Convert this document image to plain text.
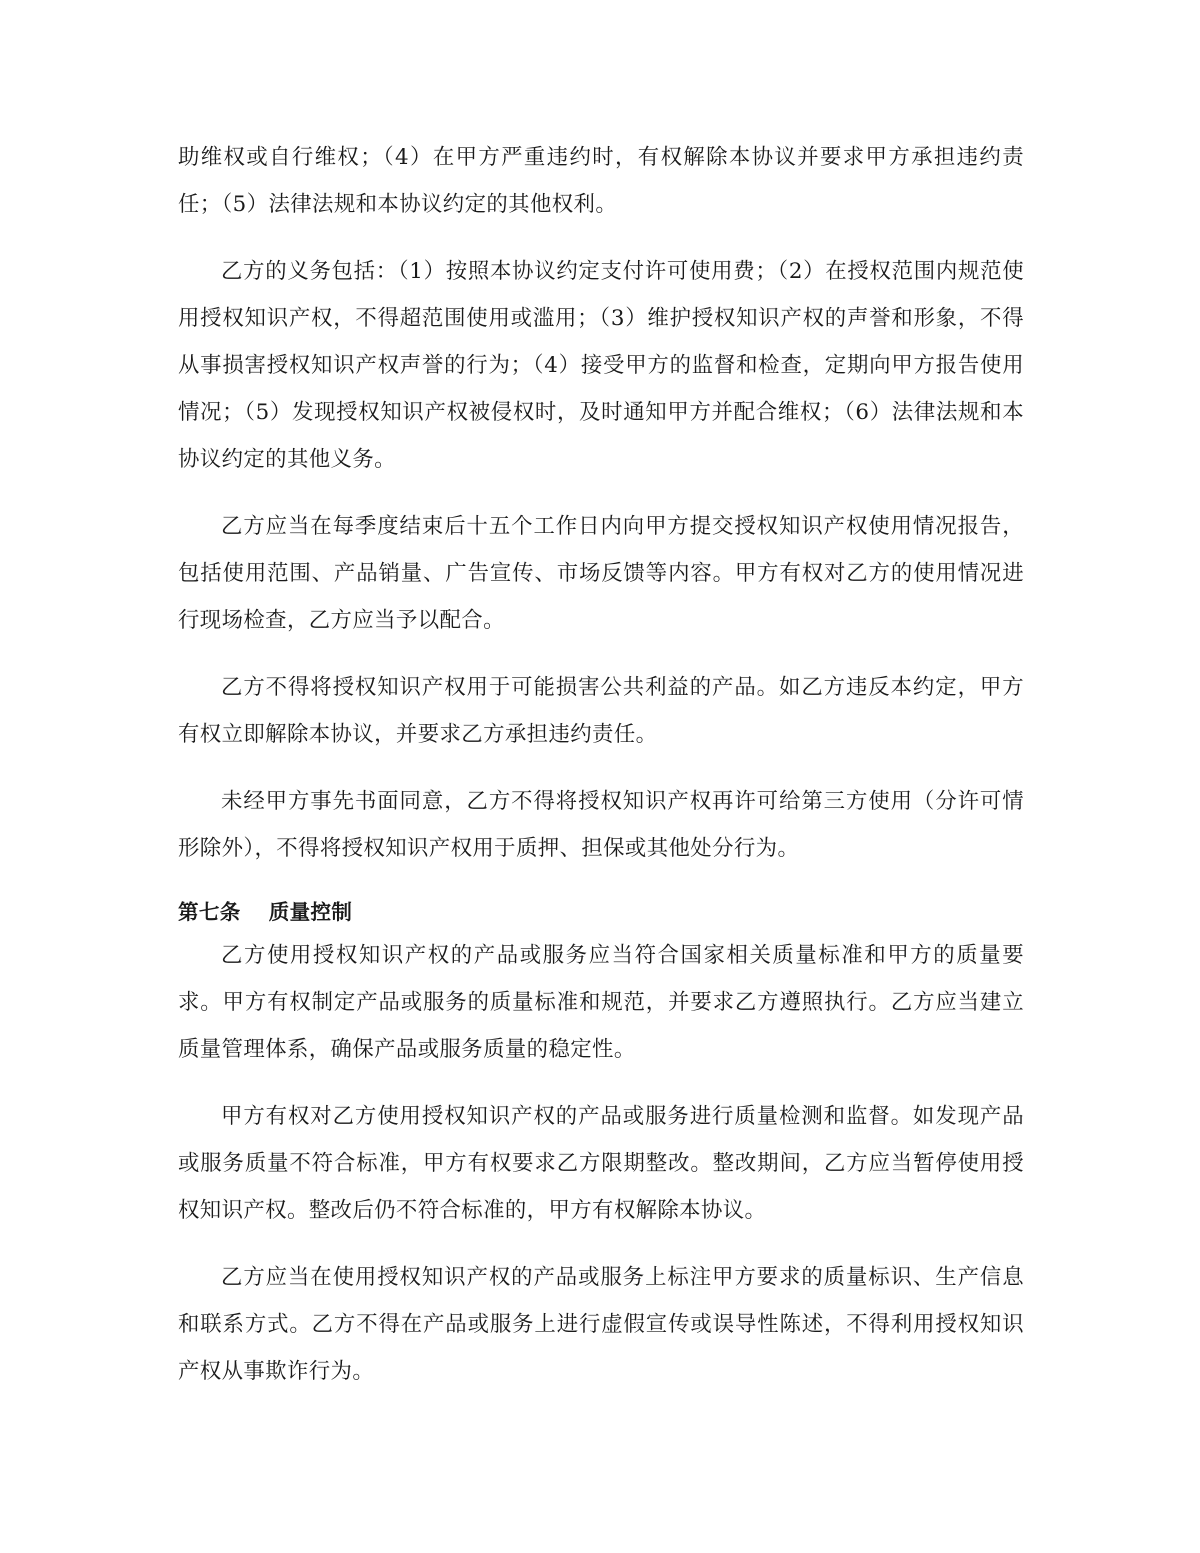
助维权或自行维权；（4）在甲方严重违约时，有权解除本协议并要求甲方承担违约责任；（5）法律法规和本协议约定的其他权利。

乙方的义务包括：（1）按照本协议约定支付许可使用费；（2）在授权范围内规范使用授权知识产权，不得超范围使用或滥用；（3）维护授权知识产权的声誉和形象，不得从事损害授权知识产权声誉的行为；（4）接受甲方的监督和检查，定期向甲方报告使用情况；（5）发现授权知识产权被侵权时，及时通知甲方并配合维权；（6）法律法规和本协议约定的其他义务。

乙方应当在每季度结束后十五个工作日内向甲方提交授权知识产权使用情况报告，包括使用范围、产品销量、广告宣传、市场反馈等内容。甲方有权对乙方的使用情况进行现场检查，乙方应当予以配合。

乙方不得将授权知识产权用于可能损害公共利益的产品。如乙方违反本约定，甲方有权立即解除本协议，并要求乙方承担违约责任。

未经甲方事先书面同意，乙方不得将授权知识产权再许可给第三方使用（分许可情形除外），不得将授权知识产权用于质押、担保或其他处分行为。

第七条 质量控制

乙方使用授权知识产权的产品或服务应当符合国家相关质量标准和甲方的质量要求。甲方有权制定产品或服务的质量标准和规范，并要求乙方遵照执行。乙方应当建立质量管理体系，确保产品或服务质量的稳定性。

甲方有权对乙方使用授权知识产权的产品或服务进行质量检测和监督。如发现产品或服务质量不符合标准，甲方有权要求乙方限期整改。整改期间，乙方应当暂停使用授权知识产权。整改后仍不符合标准的，甲方有权解除本协议。

乙方应当在使用授权知识产权的产品或服务上标注甲方要求的质量标识、生产信息和联系方式。乙方不得在产品或服务上进行虚假宣传或误导性陈述，不得利用授权知识产权从事欺诈行为。
